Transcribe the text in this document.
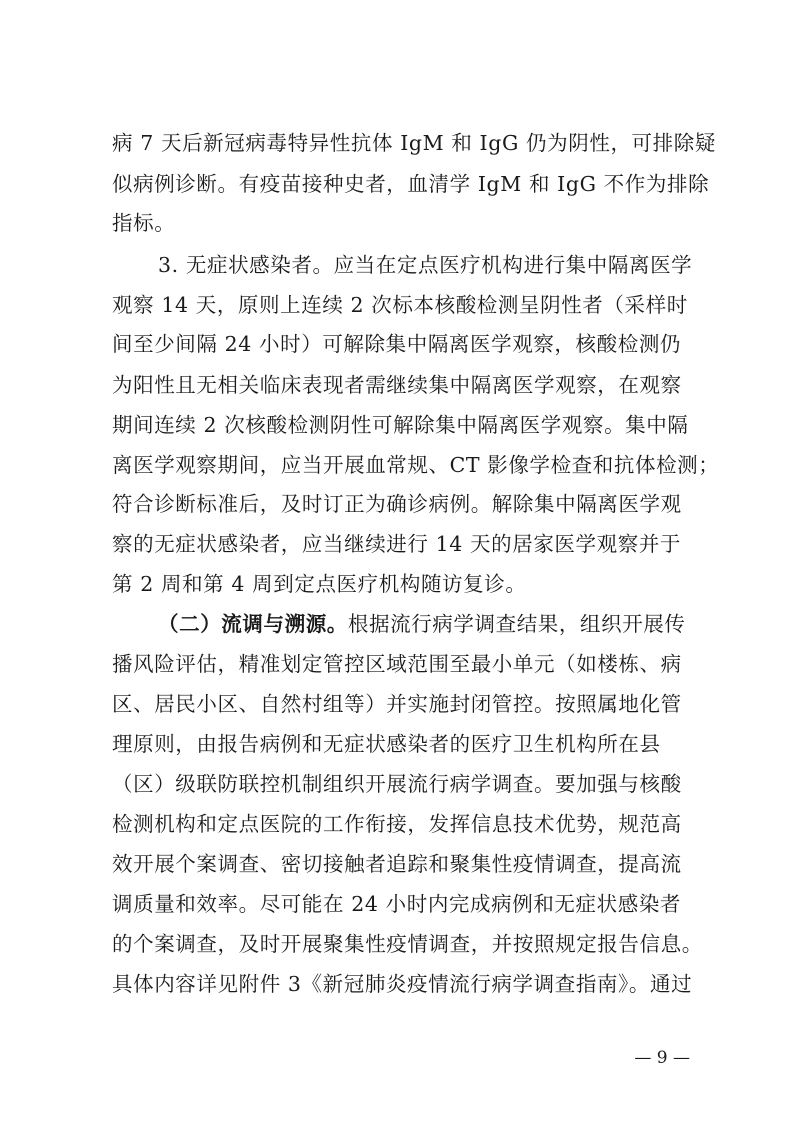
病 7 天后新冠病毒特异性抗体 IgM 和 IgG 仍为阴性，可排除疑
似病例诊断。有疫苗接种史者，血清学 IgM 和 IgG 不作为排除
指标。
3. 无症状感染者。应当在定点医疗机构进行集中隔离医学
观察 14 天，原则上连续 2 次标本核酸检测呈阴性者（采样时
间至少间隔 24 小时）可解除集中隔离医学观察，核酸检测仍
为阳性且无相关临床表现者需继续集中隔离医学观察，在观察
期间连续 2 次核酸检测阴性可解除集中隔离医学观察。集中隔
离医学观察期间，应当开展血常规、CT 影像学检查和抗体检测；
符合诊断标准后，及时订正为确诊病例。解除集中隔离医学观
察的无症状感染者，应当继续进行 14 天的居家医学观察并于
第 2 周和第 4 周到定点医疗机构随访复诊。
（二）流调与溯源。根据流行病学调查结果，组织开展传
播风险评估，精准划定管控区域范围至最小单元（如楼栋、病
区、居民小区、自然村组等）并实施封闭管控。按照属地化管
理原则，由报告病例和无症状感染者的医疗卫生机构所在县
（区）级联防联控机制组织开展流行病学调查。要加强与核酸
检测机构和定点医院的工作衔接，发挥信息技术优势，规范高
效开展个案调查、密切接触者追踪和聚集性疫情调查，提高流
调质量和效率。尽可能在 24 小时内完成病例和无症状感染者
的个案调查，及时开展聚集性疫情调查，并按照规定报告信息。
具体内容详见附件 3《新冠肺炎疫情流行病学调查指南》。通过
— 9 —
